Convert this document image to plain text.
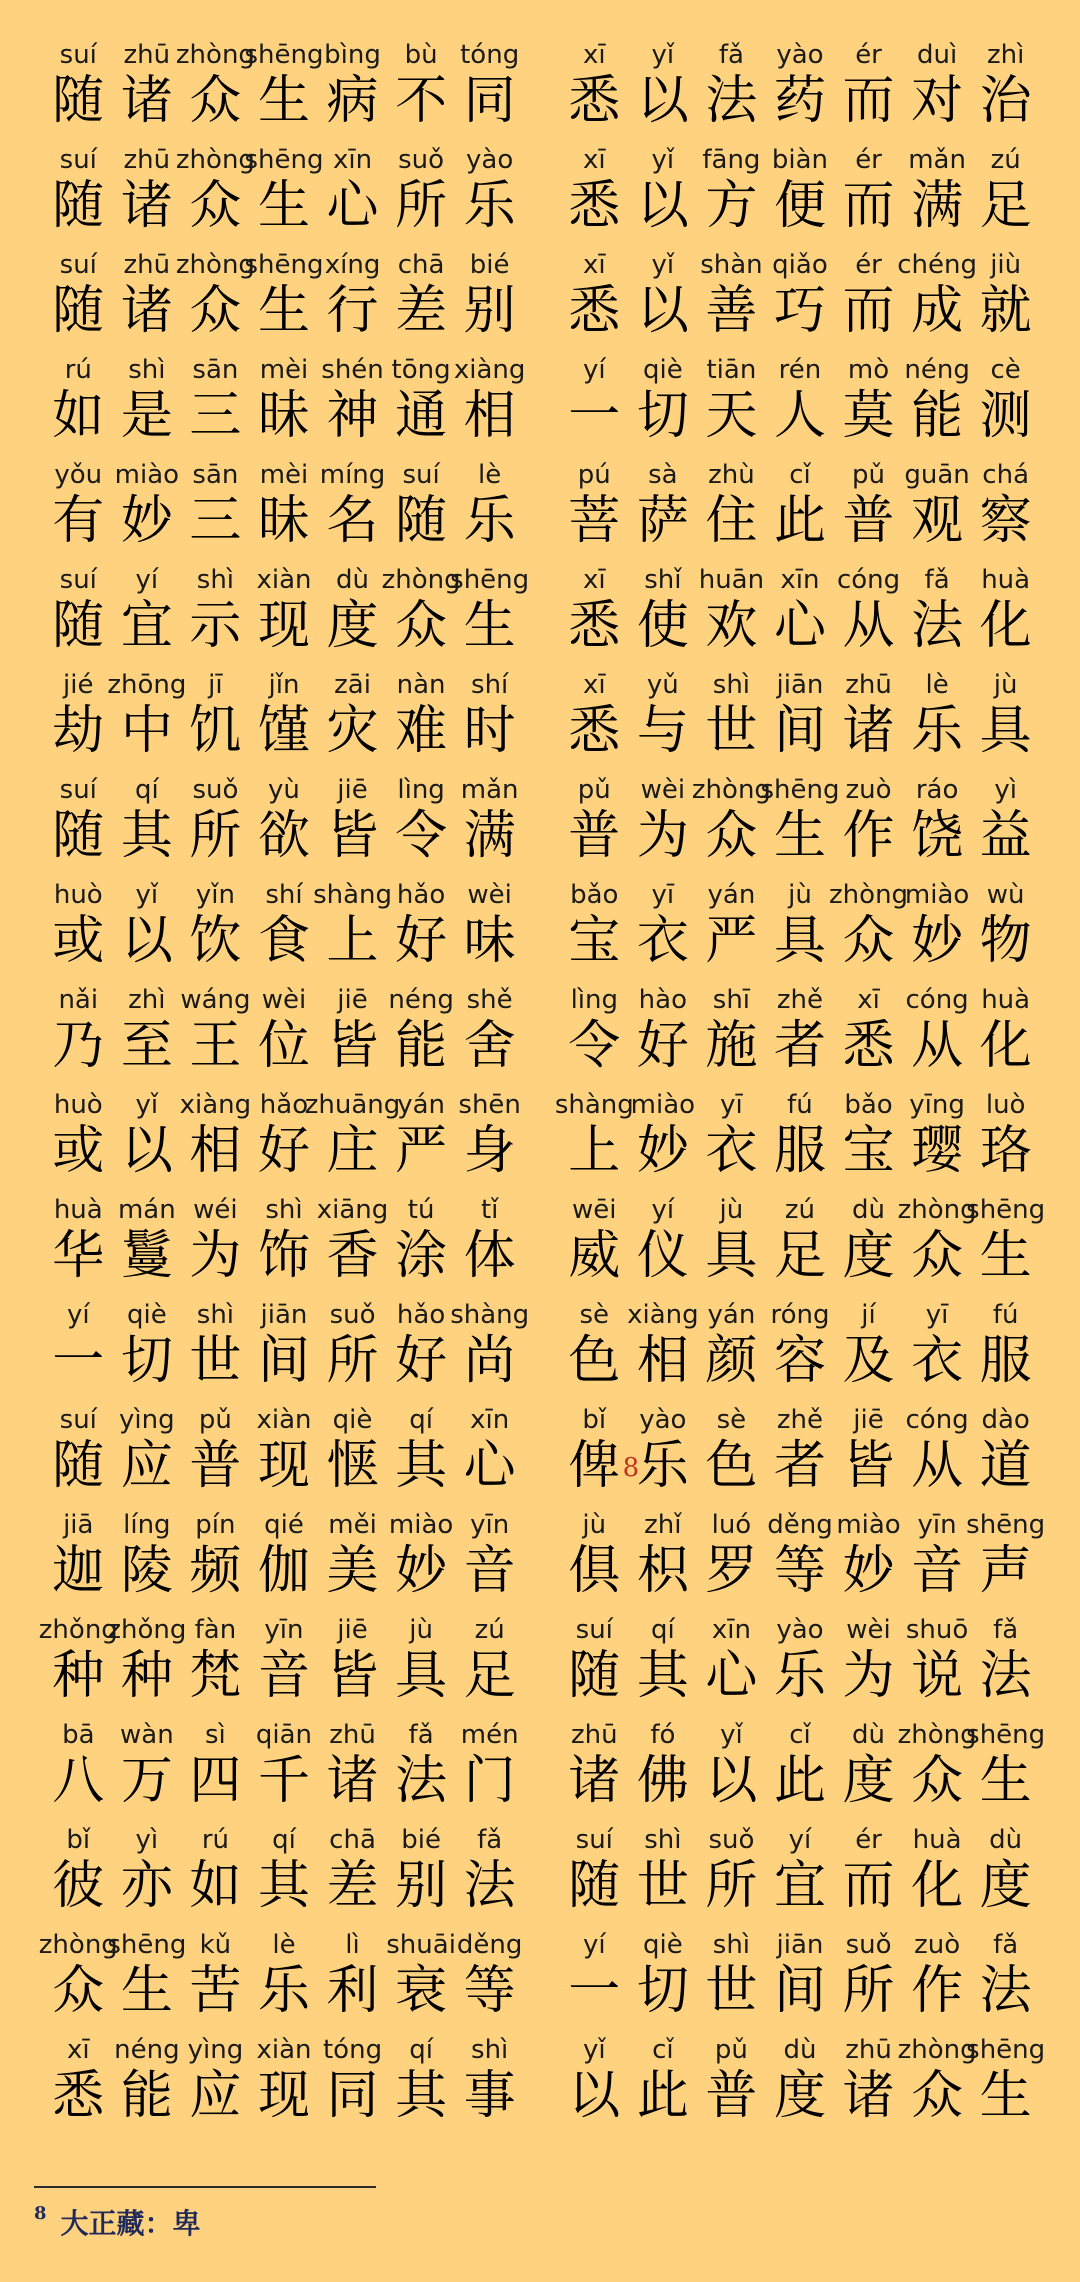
suí
随
zhū
诸
zhòng
众
shēng
生
bìng
病
bù
不
tóng
同
xī
悉
yǐ
以
fǎ
法
yào
药
ér
而
duì
对
zhì
治
suí
随
zhū
诸
zhòng
众
shēng
生
xīn
心
suǒ
所
yào
乐
xī
悉
yǐ
以
fāng
方
biàn
便
ér
而
mǎn
满
zú
足
suí
随
zhū
诸
zhòng
众
shēng
生
xíng
行
chā
差
bié
别
xī
悉
yǐ
以
shàn
善
qiǎo
巧
ér
而
chéng
成
jiù
就
rú
如
shì
是
sān
三
mèi
昧
shén
神
tōng
通
xiàng
相
yí
一
qiè
切
tiān
天
rén
人
mò
莫
néng
能
cè
测
yǒu
有
miào
妙
sān
三
mèi
昧
míng
名
suí
随
lè
乐
pú
菩
sà
萨
zhù
住
cǐ
此
pǔ
普
guān
观
chá
察
suí
随
yí
宜
shì
示
xiàn
现
dù
度
zhòng
众
shēng
生
xī
悉
shǐ
使
huān
欢
xīn
心
cóng
从
fǎ
法
huà
化
jié
劫
zhōng
中
jī
饥
jǐn
馑
zāi
灾
nàn
难
shí
时
xī
悉
yǔ
与
shì
世
jiān
间
zhū
诸
lè
乐
jù
具
suí
随
qí
其
suǒ
所
yù
欲
jiē
皆
lìng
令
mǎn
满
pǔ
普
wèi
为
zhòng
众
shēng
生
zuò
作
ráo
饶
yì
益
huò
或
yǐ
以
yǐn
饮
shí
食
shàng
上
hǎo
好
wèi
味
bǎo
宝
yī
衣
yán
严
jù
具
zhòng
众
miào
妙
wù
物
nǎi
乃
zhì
至
wáng
王
wèi
位
jiē
皆
néng
能
shě
舍
lìng
令
hào
好
shī
施
zhě
者
xī
悉
cóng
从
huà
化
huò
或
yǐ
以
xiàng
相
hǎo
好
zhuāng
庄
yán
严
shēn
身
shàng
上
miào
妙
yī
衣
fú
服
bǎo
宝
yīng
璎
luò
珞
huà
华
mán
鬘
wéi
为
shì
饰
xiāng
香
tú
涂
tǐ
体
wēi
威
yí
仪
jù
具
zú
足
dù
度
zhòng
众
shēng
生
yí
一
qiè
切
shì
世
jiān
间
suǒ
所
hǎo
好
shàng
尚
sè
色
xiàng
相
yán
颜
róng
容
jí
及
yī
衣
fú
服
suí
随
yìng
应
pǔ
普
xiàn
现
qiè
惬
qí
其
xīn
心
bǐ
俾 8
yào
乐
sè
色
zhě
者
jiē
皆
cóng
从
dào
道
jiā
迦
líng
陵
pín
频
qié
伽
měi
美
miào
妙
yīn
音
jù
俱
zhǐ
枳
luó
罗
děng
等
miào
妙
yīn
音
shēng
声
zhǒng
种
zhǒng
种
fàn
梵
yīn
音
jiē
皆
jù
具
zú
足
suí
随
qí
其
xīn
心
yào
乐
wèi
为
shuō
说
fǎ
法
bā
八
wàn
万
sì
四
qiān
千
zhū
诸
fǎ
法
mén
门
zhū
诸
fó
佛
yǐ
以
cǐ
此
dù
度
zhòng
众
shēng
生
bǐ
彼
yì
亦
rú
如
qí
其
chā
差
bié
别
fǎ
法
suí
随
shì
世
suǒ
所
yí
宜
ér
而
huà
化
dù
度
zhòng
众
shēng
生
kǔ
苦
lè
乐
lì
利
shuāi
衰
děng
等
yí
一
qiè
切
shì
世
jiān
间
suǒ
所
zuò
作
fǎ
法
xī
悉
néng
能
yìng
应
xiàn
现
tóng
同
qí
其
shì
事
yǐ
以
cǐ
此
pǔ
普
dù
度
zhū
诸
zhòng
众
shēng
生
8 大正藏：卑
